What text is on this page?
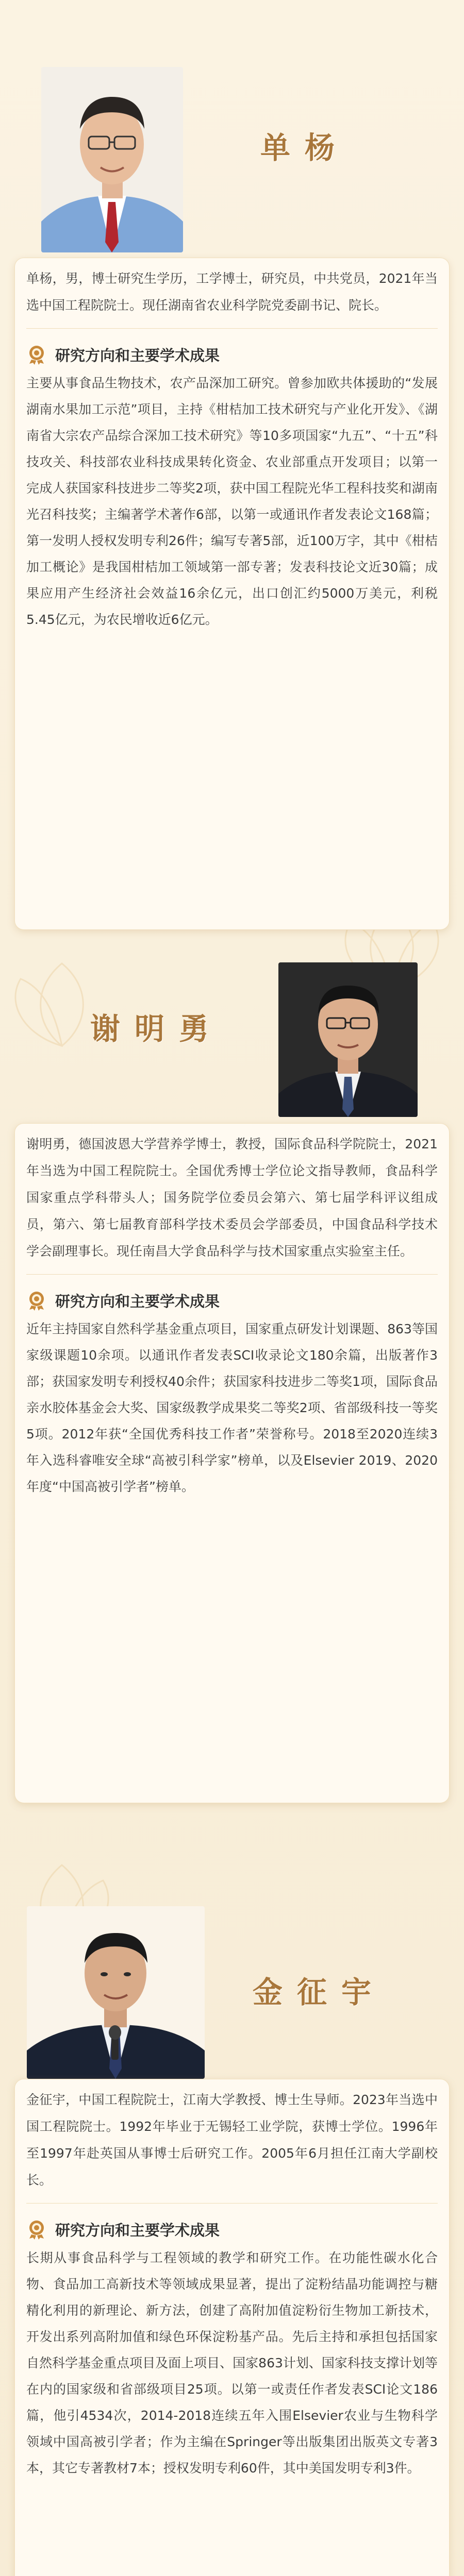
单杨

单杨，男，博士研究生学历，工学博士，研究员，中共党员，2021年当选中国工程院院士。现任湖南省农业科学院党委副书记、院长。

研究方向和主要学术成果

主要从事食品生物技术，农产品深加工研究。曾参加欧共体援助的“发展湖南水果加工示范”项目，主持《柑桔加工技术研究与产业化开发》、《湖南省大宗农产品综合深加工技术研究》等10多项国家“九五”、“十五”科技攻关、科技部农业科技成果转化资金、农业部重点开发项目；以第一完成人获国家科技进步二等奖2项，获中国工程院光华工程科技奖和湖南光召科技奖；主编著学术著作6部，以第一或通讯作者发表论文168篇；第一发明人授权发明专利26件；编写专著5部，近100万字，其中《柑桔加工概论》是我国柑桔加工领域第一部专著；发表科技论文近30篇；成果应用产生经济社会效益16余亿元，出口创汇约5000万美元，利税5.45亿元，为农民增收近6亿元。

谢明勇

谢明勇，德国波恩大学营养学博士，教授，国际食品科学院院士，2021年当选为中国工程院院士。全国优秀博士学位论文指导教师，食品科学国家重点学科带头人；国务院学位委员会第六、第七届学科评议组成员，第六、第七届教育部科学技术委员会学部委员，中国食品科学技术学会副理事长。现任南昌大学食品科学与技术国家重点实验室主任。

研究方向和主要学术成果

近年主持国家自然科学基金重点项目，国家重点研发计划课题、863等国家级课题10余项。以通讯作者发表SCI收录论文180余篇，出版著作3部；获国家发明专利授权40余件；获国家科技进步二等奖1项，国际食品亲水胶体基金会大奖、国家级教学成果奖二等奖2项、省部级科技一等奖5项。2012年获“全国优秀科技工作者”荣誉称号。2018至2020连续3年入选科睿唯安全球“高被引科学家”榜单，以及Elsevier 2019、2020年度“中国高被引学者”榜单。

金征宇

金征宇，中国工程院院士，江南大学教授、博士生导师。2023年当选中国工程院院士。1992年毕业于无锡轻工业学院，获博士学位。1996年至1997年赴英国从事博士后研究工作。2005年6月担任江南大学副校长。

研究方向和主要学术成果

长期从事食品科学与工程领域的教学和研究工作。在功能性碳水化合物、食品加工高新技术等领域成果显著，提出了淀粉结晶功能调控与糖精化利用的新理论、新方法，创建了高附加值淀粉衍生物加工新技术，开发出系列高附加值和绿色环保淀粉基产品。先后主持和承担包括国家自然科学基金重点项目及面上项目、国家863计划、国家科技支撑计划等在内的国家级和省部级项目25项。以第一或责任作者发表SCI论文186篇，他引4534次，2014-2018连续五年入围Elsevier农业与生物科学领域中国高被引学者；作为主编在Springer等出版集团出版英文专著3本，其它专著教材7本；授权发明专利60件，其中美国发明专利3件。
